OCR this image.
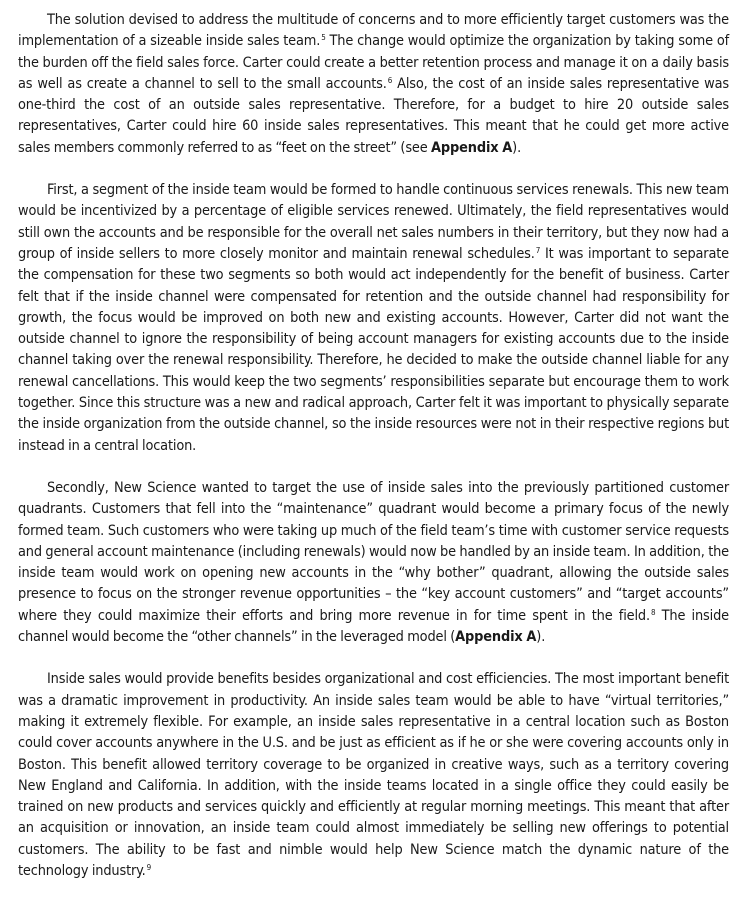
The solution devised to address the multitude of concerns and to more efficiently target customers was the implementation of a sizeable inside sales team.$^5$ The change would optimize the organization by taking some of the burden off the field sales force. Carter could create a better retention process and manage it on a daily basis as well as create a channel to sell to the small accounts.$^6$ Also, the cost of an inside sales representative was one-third the cost of an outside sales representative. Therefore, for a budget to hire 20 outside sales representatives, Carter could hire 60 inside sales representatives. This meant that he could get more active sales members commonly referred to as “feet on the street” (see Appendix A).

First, a segment of the inside team would be formed to handle continuous services renewals. This new team would be incentivized by a percentage of eligible services renewed. Ultimately, the field representatives would still own the accounts and be responsible for the overall net sales numbers in their territory, but they now had a group of inside sellers to more closely monitor and maintain renewal schedules.$^7$ It was important to separate the compensation for these two segments so both would act independently for the benefit of business. Carter felt that if the inside channel were compensated for retention and the outside channel had responsibility for growth, the focus would be improved on both new and existing accounts. However, Carter did not want the outside channel to ignore the responsibility of being account managers for existing accounts due to the inside channel taking over the renewal responsibility. Therefore, he decided to make the outside channel liable for any renewal cancellations. This would keep the two segments’ responsibilities separate but encourage them to work together. Since this structure was a new and radical approach, Carter felt it was important to physically separate the inside organization from the outside channel, so the inside resources were not in their respective regions but instead in a central location.

Secondly, New Science wanted to target the use of inside sales into the previously partitioned customer quadrants. Customers that fell into the “maintenance” quadrant would become a primary focus of the newly formed team. Such customers who were taking up much of the field team’s time with customer service requests and general account maintenance (including renewals) would now be handled by an inside team. In addition, the inside team would work on opening new accounts in the “why bother” quadrant, allowing the outside sales presence to focus on the stronger revenue opportunities – the “key account customers” and “target accounts” where they could maximize their efforts and bring more revenue in for time spent in the field.$^8$ The inside channel would become the “other channels” in the leveraged model (Appendix A).

Inside sales would provide benefits besides organizational and cost efficiencies. The most important benefit was a dramatic improvement in productivity. An inside sales team would be able to have “virtual territories,” making it extremely flexible. For example, an inside sales representative in a central location such as Boston could cover accounts anywhere in the U.S. and be just as efficient as if he or she were covering accounts only in Boston. This benefit allowed territory coverage to be organized in creative ways, such as a territory covering New England and California. In addition, with the inside teams located in a single office they could easily be trained on new products and services quickly and efficiently at regular morning meetings. This meant that after an acquisition or innovation, an inside team could almost immediately be selling new offerings to potential customers. The ability to be fast and nimble would help New Science match the dynamic nature of the technology industry.$^9$
